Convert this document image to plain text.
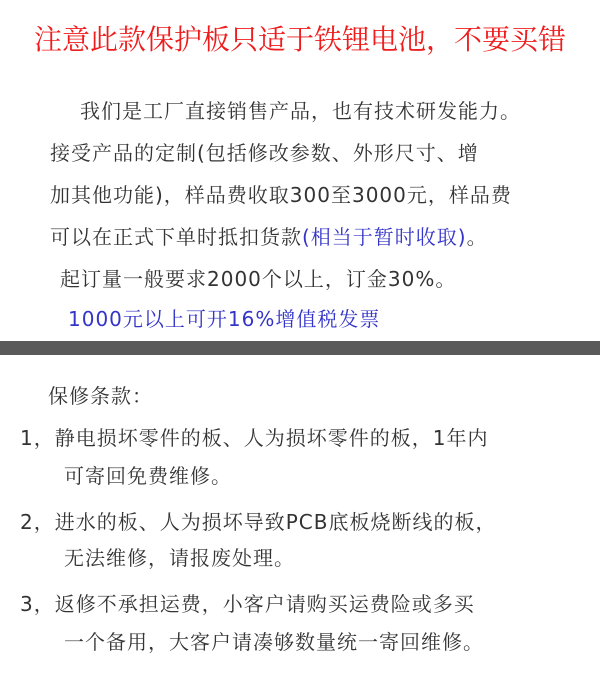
注意此款保护板只适于铁锂电池，不要买错
我们是工厂直接销售产品，也有技术研发能力。
接受产品的定制(包括修改参数、外形尺寸、增
加其他功能)，样品费收取300至3000元，样品费
可以在正式下单时抵扣货款(相当于暂时收取)。
起订量一般要求2000个以上，订金30%。
1000元以上可开16%增值税发票
保修条款：
1，静电损坏零件的板、人为损坏零件的板，1年内
可寄回免费维修。
2，进水的板、人为损坏导致PCB底板烧断线的板，
无法维修，请报废处理。
3，返修不承担运费，小客户请购买运费险或多买
一个备用，大客户请凑够数量统一寄回维修。
